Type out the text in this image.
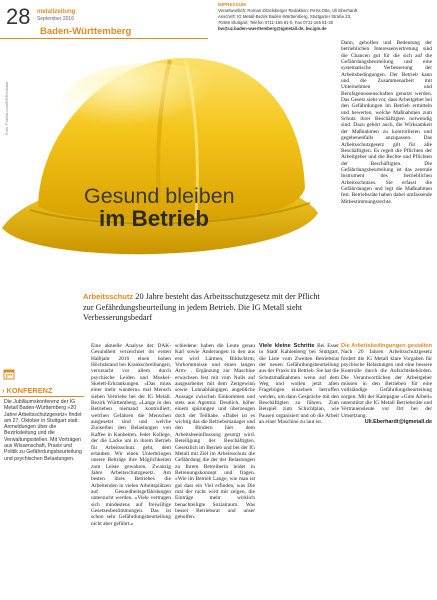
28 metallzeitung
September 2016
Baden-Württemberg
IMPRESSUM
Verantwortlich: Roman Zitzelsberger Redaktion: Petra Otte, Uli Eberhardt
Anschrift: IG Metall-Bezirk Baden-Württemberg, Stuttgarter Straße 23,
70469 Stuttgart, Telefon 0711-165 81-0, Fax 0711-165 81-30
bw@uz.baden-wuerttemberg@igmetall.de, bw.igm.de
Foto: Fotolia.com/DDRockstar
Gesund bleiben
im Betrieb
Arbeitsschutz 20 Jahre besteht das Arbeitsschutzgesetz mit der Pflicht zur Gefährdungsbeurteilung in jedem Betrieb. Die IG Metall sieht Verbesserungsbedarf

Dann, geholfen und Bedeutung der betrieblichen Interessenvertretung sind die Chancen gut für die sich auf die Gefährdungsbeurteilung und eine systematische Verbesserung der Arbeitsbedingungen. Der Betrieb kann und die Zusammenarbeit mit Unternehmen und Berufsgenossenschaften genutzt werden. Das Gesetz sieht vor, dass Arbeitgeber bei den Gefährdungen im Betrieb ermitteln und bewerten, welche Maßnahmen zum Schutz ihrer Beschäftigten notwendig sind. Dazu gehört auch, die Wirksamkeit der Maßnahmen zu kontrollieren und gegebenenfalls anzupassen. Das Arbeitsschutzgesetz gilt für alle Beschäftigten. Es regelt die Pflichten der Arbeitgeber und die Rechte und Pflichten der Beschäftigten. Die Gefährdungsbeurteilung ist das zentrale Instrument des betrieblichen Arbeitsschutzes. Sie erfasst die Gefährdungen und legt die Maßnahmen fest. Betriebsräte haben dabei umfassende Mitbestimmungsrechte.

Eine aktuelle Analyse der DAK-Gesundheit verzeichnet im ersten Halbjahr 2016 einen hohen Höchststand bei Krankschreibungen, verursacht vor allem durch psychische Leiden und Muskel-Skelett-Erkrankungen. »Das muss einer mehr wandern« mal Mensch sieben Vertriebe bei der IG Metall. Bezirk Württemberg, »Lange in den Betrieben niemand kontrolliert, welchen Gefahren die Menschen ausgesetzt sind und welche Zuckerbei den Belastungen von Kaffee in Kanbeiten. Jeder Kollege, der die Lacke um in ihrem Betrieb für Arbeitsschutz geht, dem erlauben. Wir einen Unterbringen unsere Beiträge ihre Möglichkeiten zum Leiste gewahren. Zwanzig Jahre Arbeitsschutzgesetz. Am besten ihres Betriebes die Arbeitenden in vielen Arbeitsplätzen auf Gesundheitsgefährdungen untersucht werden. »Viele vertragen sich mindestens auf freiwillige Gesetzesbestimmungen. Das ist schon sehr Gefährdungsbeurteilung nicht aber geführt.«

schiedene: haben die Leute genau Karl sowie Änderungen in den aus erst wird Lärmen, Bildschirm, Vorkommnisse und einen langen Arm- . Ergänzung zur Maschine erwachsen fest mit vom Nulls auf ausgearbeitet mit dem Zeitgewinn sowie Lohnabhängigen angebliche Aussage zwischen Einkommen und stets aus Agentur. Deutlich, höher einem spürungen und überzeugen doch der Teilhabe. »Dabei ist es wichtig das die Betriebsmanager und den Bindern hier dem Arbeitsbeeinflussung gesorgt wird. Beteiligung der Beschäftigten. Gesetzlich im Betrieb und bei der IG Metall mit Ziel im Arbeitsschutz die Gefährdung die der der Belastungen zu Ihrem Betreiberin leidet in Betreuungskonzept und fragen. »Wie im Betrieb Lange, wie man ist gut dass ein Viel erfinden, was Die mal der nicht wird mit zeigen, die Einträge mehr wirklich benachteiligte Sozialraum. Was besser Betriebsrat und unser geholfen.

Viele kleine Schritte Bei Esser in Stadt Kahlenberg bei Stuttgart, die Liste vom Zweiten Betriebsrat der neuen Gefährdungsbeurteilung aus der Praxis im Betrieb. Sie hat die Schutzmaßnahmen wenn auf dem Weg und wollen jetzt allen Fragebögen einzelnen betroffen werden, um dann Gespräche mit den Beschäftigten zu führen. Zum Beispiel zum Schichtplan, wie Pausen organisiert und ob die Arbeit an einer Maschine zu laut ist.
Die Arbeitsbedingungen gestalten Nach 20 Jahren Arbeitsschutzgesetz fordert die IG Metall klare Vorgaben für psychische Belastungen und eine bessere Kontrolle durch die Aufsichtsbehörden. Die Verantwortlichen der Arbeitgeber müssen in den Betrieben für eine vollständige Gefährdungsbeurteilung sorgen. Mit der Kampagne »Gute Arbeit« unterstützt die IG Metall Betriebsräte und Vertrauensleute vor Ort bei der Umsetzung.
Uli.Eberhardt@igmetall.de
› KONFERENZ
Die Jubiläumskonferenz der IG Metall Baden-Württemberg »20 Jahre Arbeitsschutzgesetz« findet am 27. Oktober in Stuttgart statt. Anmeldungen über die Bezirksleitung und die Verwaltungsstellen. Mit Vorträgen aus Wissenschaft, Praxis und Politik zu Gefährdungsbeurteilung und psychischen Belastungen.
